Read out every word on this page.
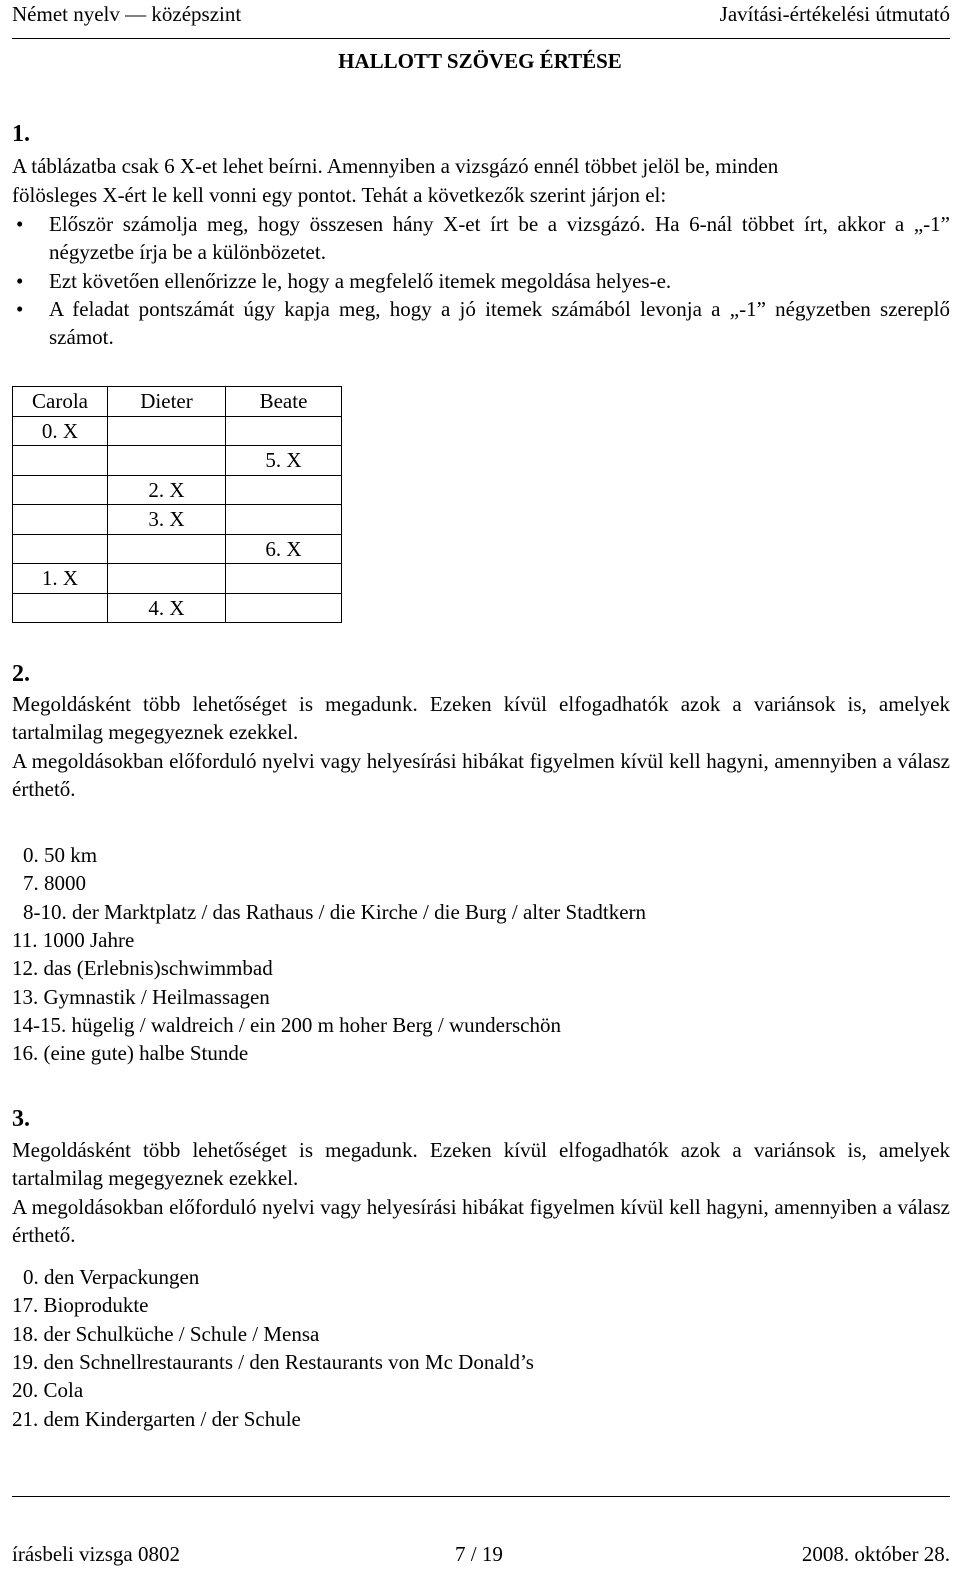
Német nyelv — középszint	Javítási-értékelési útmutató
HALLOTT SZÖVEG ÉRTÉSE
1.
A táblázatba csak 6 X-et lehet beírni. Amennyiben a vizsgázó ennél többet jelöl be, minden
fölösleges X-ért le kell vonni egy pontot. Tehát a következők szerint járjon el:
• Először számolja meg, hogy összesen hány X-et írt be a vizsgázó. Ha 6-nál többet írt, akkor a „-1” négyzetbe írja be a különbözetet.
• Ezt követően ellenőrizze le, hogy a megfelelő itemek megoldása helyes-e.
• A feladat pontszámát úgy kapja meg, hogy a jó itemek számából levonja a „-1” négyzetben szereplő számot.
Carola	Dieter	Beate
0. X		
		5. X
	2. X	
	3. X	
		6. X
1. X		
	4. X	
2.
Megoldásként több lehetőséget is megadunk. Ezeken kívül elfogadhatók azok a variánsok is, amelyek tartalmilag megegyeznek ezekkel.
A megoldásokban előforduló nyelvi vagy helyesírási hibákat figyelmen kívül kell hagyni, amennyiben a válasz érthető.
0. 50 km
7. 8000
8-10. der Marktplatz / das Rathaus / die Kirche / die Burg / alter Stadtkern
11. 1000 Jahre
12. das (Erlebnis)schwimmbad
13. Gymnastik / Heilmassagen
14-15. hügelig / waldreich / ein 200 m hoher Berg / wunderschön
16. (eine gute) halbe Stunde
3.
Megoldásként több lehetőséget is megadunk. Ezeken kívül elfogadhatók azok a variánsok is, amelyek tartalmilag megegyeznek ezekkel.
A megoldásokban előforduló nyelvi vagy helyesírási hibákat figyelmen kívül kell hagyni, amennyiben a válasz érthető.
0. den Verpackungen
17. Bioprodukte
18. der Schulküche / Schule / Mensa
19. den Schnellrestaurants / den Restaurants von Mc Donald’s
20. Cola
21. dem Kindergarten / der Schule
írásbeli vizsga 0802	7 / 19	2008. október 28.
